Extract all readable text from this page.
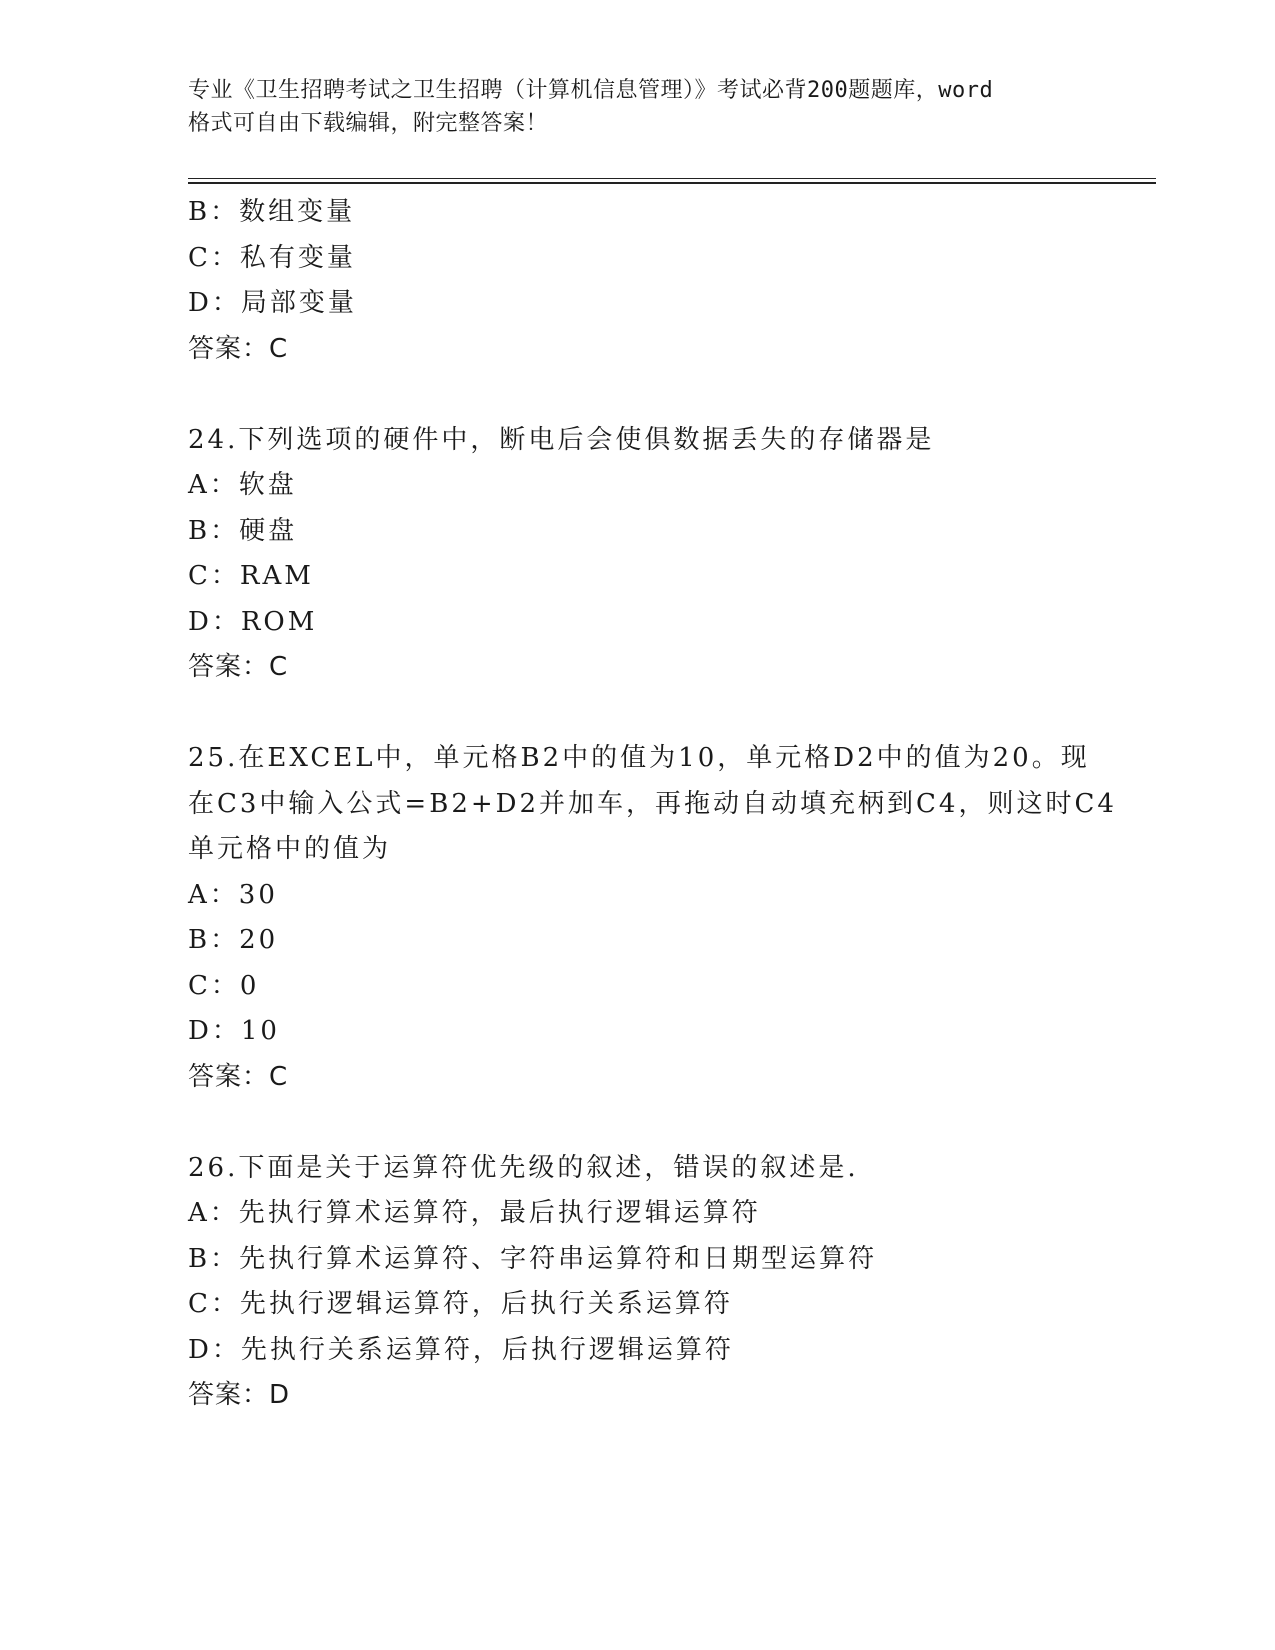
专业《卫生招聘考试之卫生招聘（计算机信息管理）》考试必背200题题库，word
格式可自由下载编辑，附完整答案！
B：数组变量
C：私有变量
D：局部变量
答案：C
24.下列选项的硬件中，断电后会使俱数据丢失的存储器是
A：软盘
B：硬盘
C：RAM
D：ROM
答案：C
25.在EXCEL中，单元格B2中的值为10，单元格D2中的值为20。现
在C3中输入公式=B2+D2并加车，再拖动自动填充柄到C4，则这时C4
单元格中的值为
A：30
B：20
C：0
D：10
答案：C
26.下面是关于运算符优先级的叙述，错误的叙述是.
A：先执行算术运算符，最后执行逻辑运算符
B：先执行算术运算符、字符串运算符和日期型运算符
C：先执行逻辑运算符，后执行关系运算符
D：先执行关系运算符，后执行逻辑运算符
答案：D
